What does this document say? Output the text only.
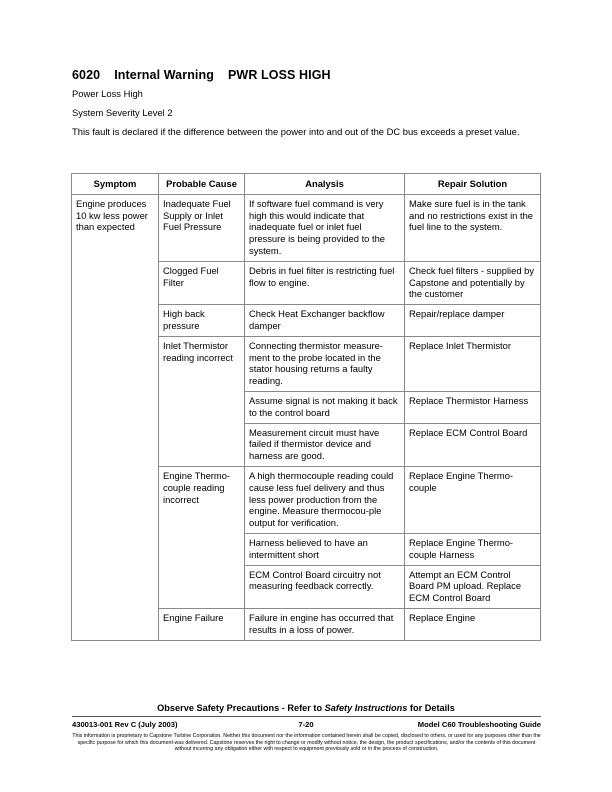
6020 Internal Warning PWR LOSS HIGH
Power Loss High
System Severity Level 2
This fault is declared if the difference between the power into and out of the DC bus exceeds a preset value.
Symptom	Probable Cause	Analysis	Repair Solution
Engine produces 10 kw less power than expected	Inadequate Fuel Supply or Inlet Fuel Pressure	If software fuel command is very high this would indicate that inadequate fuel or inlet fuel pressure is being provided to the system.	Make sure fuel is in the tank and no restrictions exist in the fuel line to the system.
	Clogged Fuel Filter	Debris in fuel filter is restricting fuel flow to engine.	Check fuel filters - supplied by Capstone and potentially by the customer
	High back pressure	Check Heat Exchanger backflow damper	Repair/replace damper
	Inlet Thermistor reading incorrect	Connecting thermistor measure-ment to the probe located in the stator housing returns a faulty reading.	Replace Inlet Thermistor
		Assume signal is not making it back to the control board	Replace Thermistor Harness
		Measurement circuit must have failed if thermistor device and harness are good.	Replace ECM Control Board
	Engine Thermo-couple reading incorrect	A high thermocouple reading could cause less fuel delivery and thus less power production from the engine. Measure thermocou-ple output for verification.	Replace Engine Thermo-couple
		Harness believed to have an intermittent short	Replace Engine Thermo-couple Harness
		ECM Control Board circuitry not measuring feedback correctly.	Attempt an ECM Control Board PM upload. Replace ECM Control Board
	Engine Failure	Failure in engine has occurred that results in a loss of power.	Replace Engine
Observe Safety Precautions - Refer to Safety Instructions for Details
430013-001 Rev C (July 2003)	7-20	Model C60 Troubleshooting Guide
This information is proprietary to Capstone Turbine Corporation. Neither this document nor the information contained herein shall be copied, disclosed to others, or used for any purposes other than the specific purpose for which this document was delivered. Capstone reserves the right to change or modify without notice, the design, the product specifications, and/or the contents of this document without incurring any obligation either with respect to equipment previously sold or in the process of construction.
